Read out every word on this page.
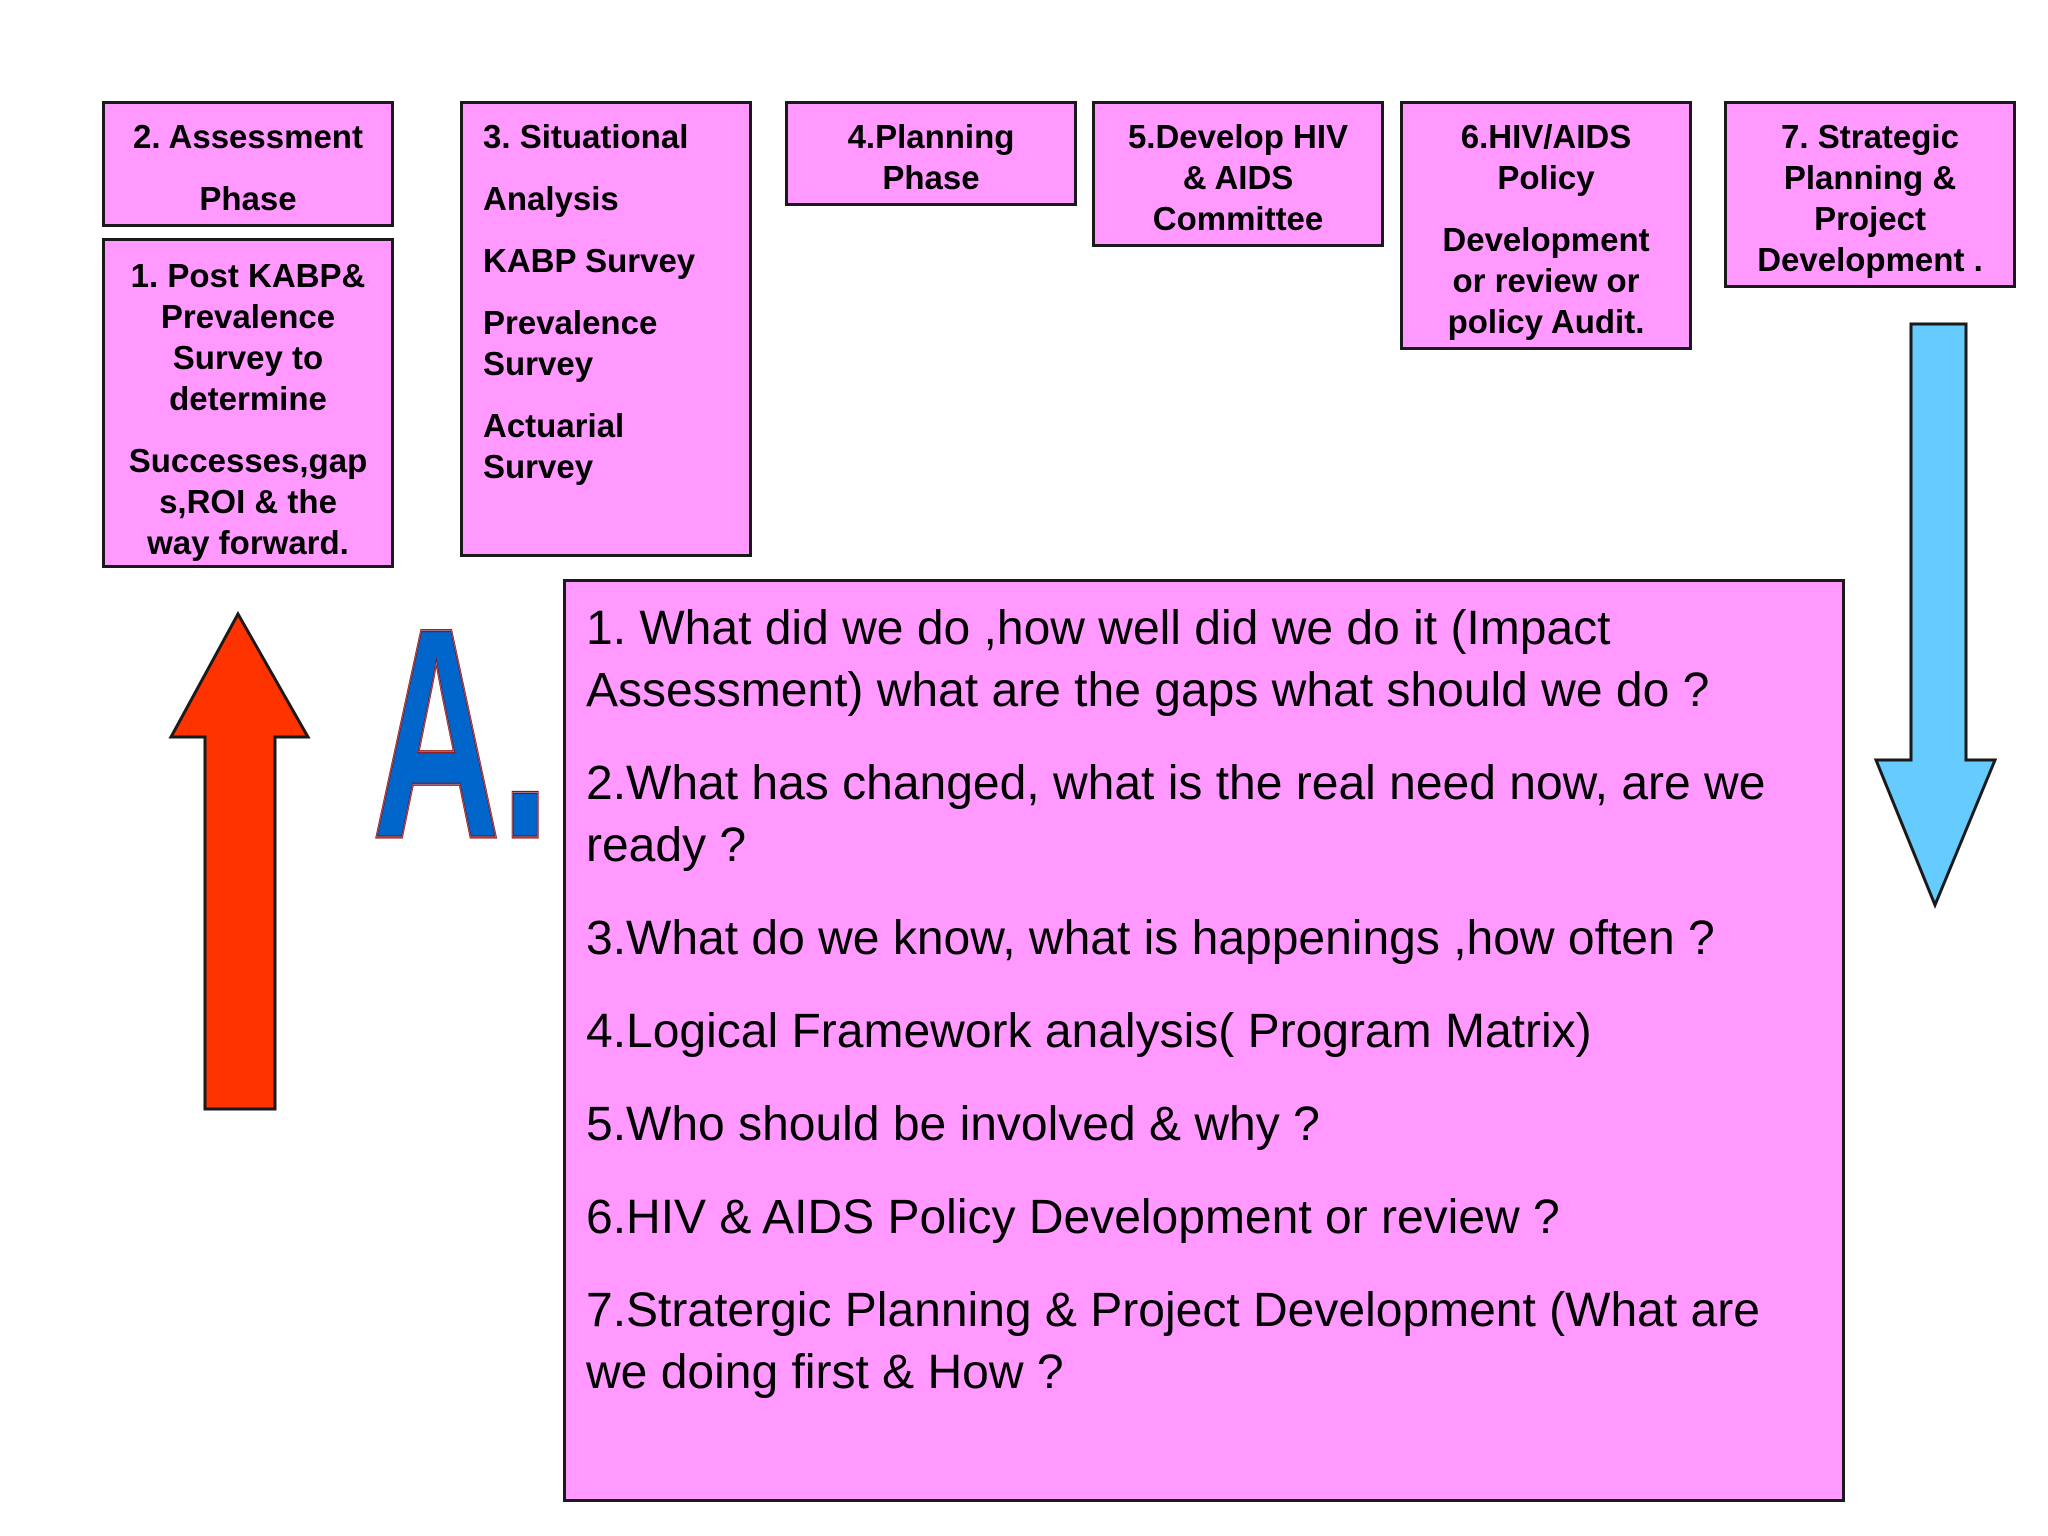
2. Assessment

Phase

1. Post KABP&
Prevalence
Survey to
determine

Successes,gap
s,ROI & the
way forward.

3. Situational

Analysis

KABP Survey

Prevalence
Survey

Actuarial
Survey

4.Planning
Phase

5.Develop HIV
& AIDS
Committee

6.HIV/AIDS
Policy

Development
or review or
policy Audit.

7. Strategic
Planning &
Project
Development .

A.
A. 1. What did we do ,how well did we do it (Impact Assessment) what are the gaps what should we do ?

2.What has changed, what is the real need now, are we ready ?

3.What do we know, what is happenings ,how often ?

4.Logical Framework analysis( Program Matrix)

5.Who should be involved & why ?

6.HIV & AIDS Policy Development or review ?

7.Stratergic Planning & Project Development (What are we doing first & How ?
